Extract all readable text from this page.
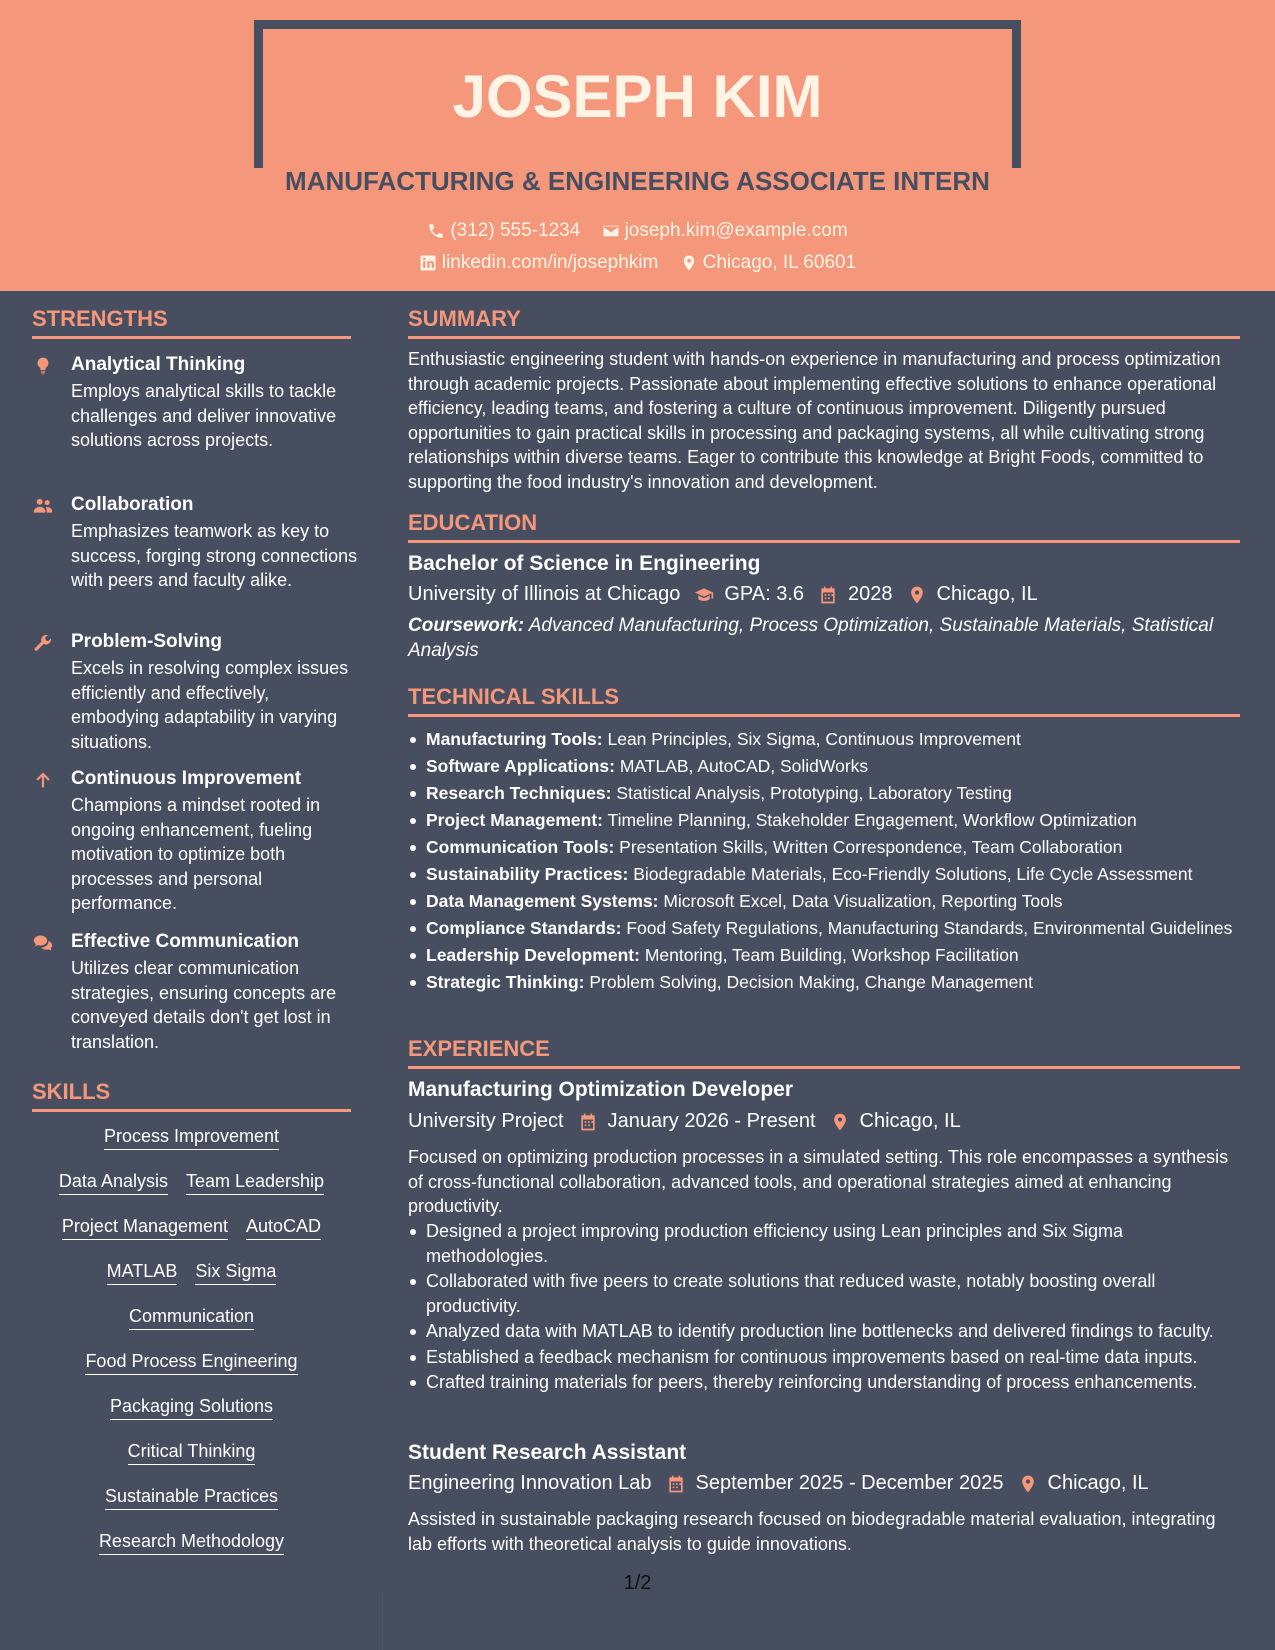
JOSEPH KIM
MANUFACTURING & ENGINEERING ASSOCIATE INTERN
(312) 555-1234
joseph.kim@example.com
linkedin.com/in/josephkim
Chicago, IL 60601
STRENGTHS
Analytical Thinking
Employs analytical skills to tackle challenges and deliver innovative solutions across projects.
Collaboration
Emphasizes teamwork as key to success, forging strong connections with peers and faculty alike.
Problem-Solving
Excels in resolving complex issues efficiently and effectively, embodying adaptability in varying situations.
Continuous Improvement
Champions a mindset rooted in ongoing enhancement, fueling motivation to optimize both processes and personal performance.
Effective Communication
Utilizes clear communication strategies, ensuring concepts are conveyed details don't get lost in translation.
SKILLS
Process Improvement
Data Analysis Team Leadership
Project Management AutoCAD
MATLAB Six Sigma
Communication
Food Process Engineering
Packaging Solutions
Critical Thinking
Sustainable Practices
Research Methodology
SUMMARY
Enthusiastic engineering student with hands-on experience in manufacturing and process optimization through academic projects. Passionate about implementing effective solutions to enhance operational efficiency, leading teams, and fostering a culture of continuous improvement. Diligently pursued opportunities to gain practical skills in processing and packaging systems, all while cultivating strong relationships within diverse teams. Eager to contribute this knowledge at Bright Foods, committed to supporting the food industry's innovation and development.
EDUCATION
Bachelor of Science in Engineering
University of Illinois at Chicago GPA: 3.6 2028 Chicago, IL
Coursework: Advanced Manufacturing, Process Optimization, Sustainable Materials, Statistical Analysis
TECHNICAL SKILLS
Manufacturing Tools: Lean Principles, Six Sigma, Continuous Improvement
Software Applications: MATLAB, AutoCAD, SolidWorks
Research Techniques: Statistical Analysis, Prototyping, Laboratory Testing
Project Management: Timeline Planning, Stakeholder Engagement, Workflow Optimization
Communication Tools: Presentation Skills, Written Correspondence, Team Collaboration
Sustainability Practices: Biodegradable Materials, Eco-Friendly Solutions, Life Cycle Assessment
Data Management Systems: Microsoft Excel, Data Visualization, Reporting Tools
Compliance Standards: Food Safety Regulations, Manufacturing Standards, Environmental Guidelines
Leadership Development: Mentoring, Team Building, Workshop Facilitation
Strategic Thinking: Problem Solving, Decision Making, Change Management
EXPERIENCE
Manufacturing Optimization Developer
University Project January 2026 - Present Chicago, IL
Focused on optimizing production processes in a simulated setting. This role encompasses a synthesis of cross-functional collaboration, advanced tools, and operational strategies aimed at enhancing productivity.
Designed a project improving production efficiency using Lean principles and Six Sigma methodologies.
Collaborated with five peers to create solutions that reduced waste, notably boosting overall productivity.
Analyzed data with MATLAB to identify production line bottlenecks and delivered findings to faculty.
Established a feedback mechanism for continuous improvements based on real-time data inputs.
Crafted training materials for peers, thereby reinforcing understanding of process enhancements.
Student Research Assistant
Engineering Innovation Lab September 2025 - December 2025 Chicago, IL
Assisted in sustainable packaging research focused on biodegradable material evaluation, integrating lab efforts with theoretical analysis to guide innovations.
1/2
